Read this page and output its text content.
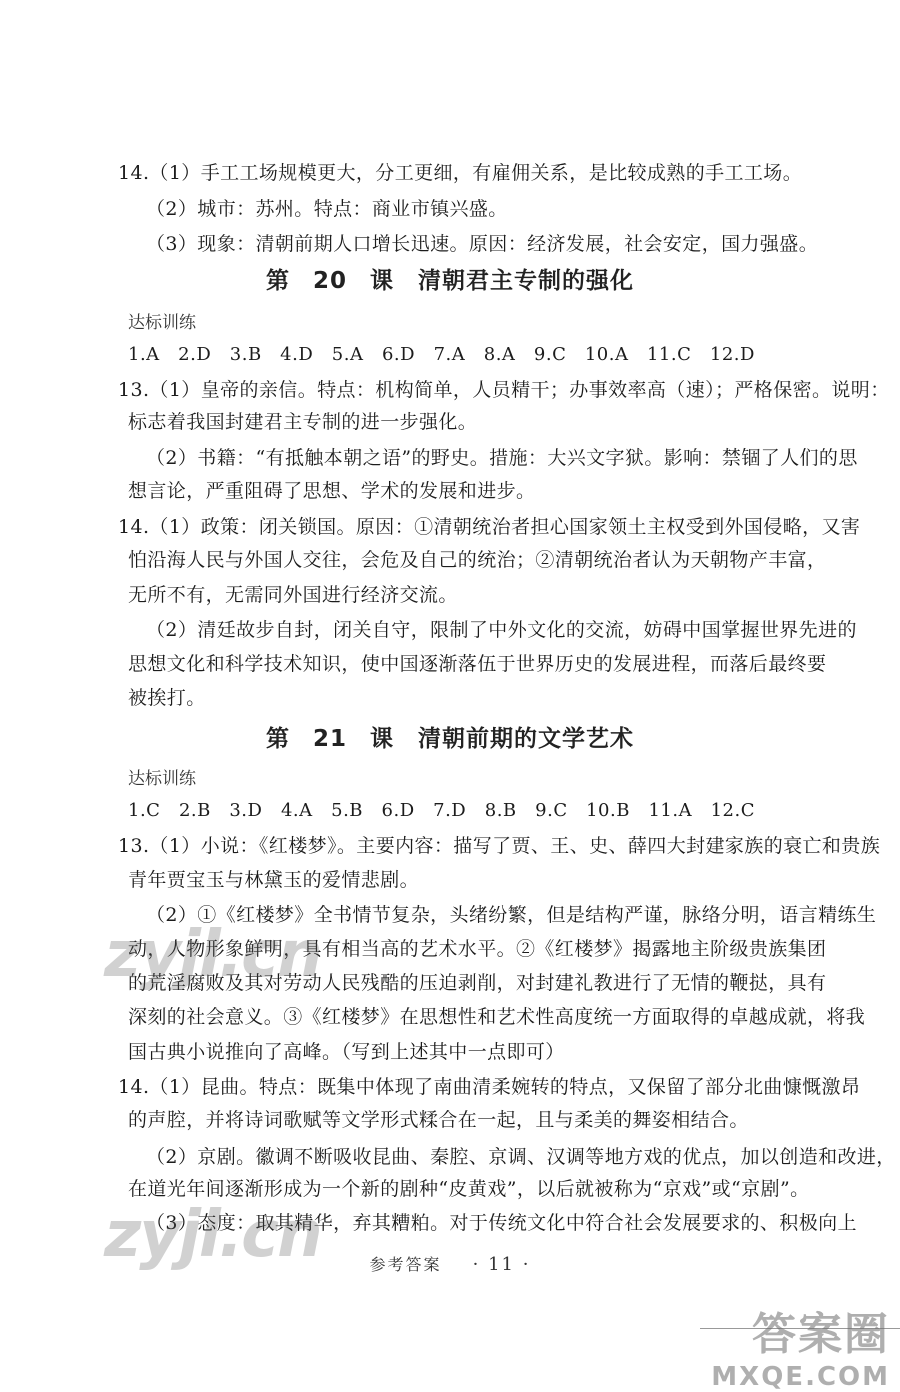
14.（1）手工工场规模更大，分工更细，有雇佣关系，是比较成熟的手工工场。
（2）城市：苏州。特点：商业市镇兴盛。
（3）现象：清朝前期人口增长迅速。原因：经济发展，社会安定，国力强盛。
第 20 课　清朝君主专制的强化
达标训练
1.A　2.D　3.B　4.D　5.A　6.D　7.A　8.A　9.C　10.A　11.C　12.D
13.（1）皇帝的亲信。特点：机构简单，人员精干；办事效率高（速）；严格保密。说明：
标志着我国封建君主专制的进一步强化。
（2）书籍：“有抵触本朝之语”的野史。措施：大兴文字狱。影响：禁锢了人们的思
想言论，严重阻碍了思想、学术的发展和进步。
14.（1）政策：闭关锁国。原因：①清朝统治者担心国家领土主权受到外国侵略，又害
怕沿海人民与外国人交往，会危及自己的统治；②清朝统治者认为天朝物产丰富，
无所不有，无需同外国进行经济交流。
（2）清廷故步自封，闭关自守，限制了中外文化的交流，妨碍中国掌握世界先进的
思想文化和科学技术知识，使中国逐渐落伍于世界历史的发展进程，而落后最终要
被挨打。
第 21 课　清朝前期的文学艺术
达标训练
1.C　2.B　3.D　4.A　5.B　6.D　7.D　8.B　9.C　10.B　11.A　12.C
13.（1）小说：《红楼梦》。主要内容：描写了贾、王、史、薛四大封建家族的衰亡和贵族
青年贾宝玉与林黛玉的爱情悲剧。
（2）①《红楼梦》全书情节复杂，头绪纷繁，但是结构严谨，脉络分明，语言精练生
动，人物形象鲜明，具有相当高的艺术水平。②《红楼梦》揭露地主阶级贵族集团
的荒淫腐败及其对劳动人民残酷的压迫剥削，对封建礼教进行了无情的鞭挞，具有
深刻的社会意义。③《红楼梦》在思想性和艺术性高度统一方面取得的卓越成就，将我
国古典小说推向了高峰。（写到上述其中一点即可）
14.（1）昆曲。特点：既集中体现了南曲清柔婉转的特点，又保留了部分北曲慷慨激昂
的声腔，并将诗词歌赋等文学形式糅合在一起，且与柔美的舞姿相结合。
（2）京剧。徽调不断吸收昆曲、秦腔、京调、汉调等地方戏的优点，加以创造和改进，
在道光年间逐渐形成为一个新的剧种“皮黄戏”，以后就被称为“京戏”或“京剧”。
（3）态度：取其精华，弃其糟粕。对于传统文化中符合社会发展要求的、积极向上
参考答案 · 11 ·
zyjl.cn
zyjl.cn
答案圈
MXQE.COM
